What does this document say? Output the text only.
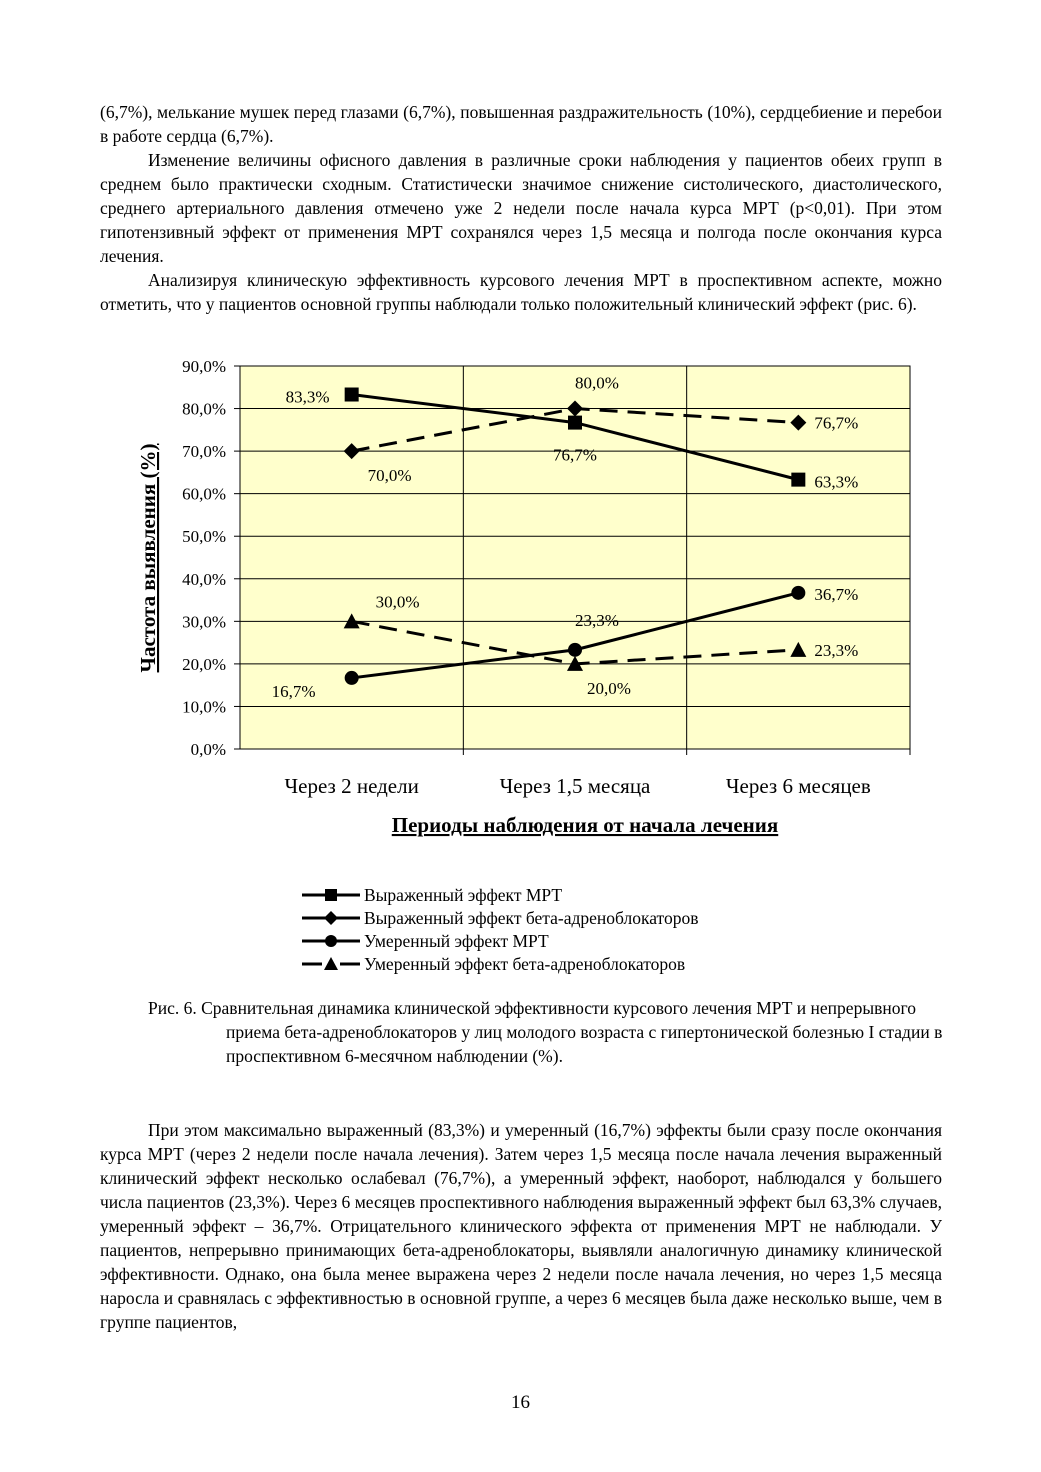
(6,7%), мелькание мушек перед глазами (6,7%), повышенная раздражительность (10%), сердцебиение и перебои в работе сердца (6,7%).

Изменение величины офисного давления в различные сроки наблюдения у пациентов обеих групп в среднем было практически сходным. Статистически значимое снижение систолического, диастолического, среднего артериального давления отмечено уже 2 недели после начала курса МРТ (p<0,01). При этом гипотензивный эффект от применения МРТ сохранялся через 1,5 месяца и полгода после окончания курса лечения.

Анализируя клиническую эффективность курсового лечения МРТ в проспективном аспекте, можно отметить, что у пациентов основной группы наблюдали только положительный клинический эффект (рис. 6).

0,0%
10,0%
20,0%
30,0%
40,0%
50,0%
60,0%
70,0%
80,0%
90,0%
Через 2 недели	Через 1,5 месяца	Через 6 месяцев
Периоды наблюдения от начала лечения
Частота выявления (%)
83,3%
76,7%
63,3%
70,0%
80,0%
76,7%
16,7%
23,3%
36,7%
30,0%
20,0%
23,3%
Выраженный эффект МРТ
Выраженный эффект бета-адреноблокаторов
Умеренный эффект МРТ
Умеренный эффект бета-адреноблокаторов

Рис. 6. Сравнительная динамика клинической эффективности курсового лечения МРТ и непрерывного приема бета-адреноблокаторов у лиц молодого возраста с гипертонической болезнью I стадии в проспективном 6-месячном наблюдении (%).

При этом максимально выраженный (83,3%) и умеренный (16,7%) эффекты были сразу после окончания курса МРТ (через 2 недели после начала лечения). Затем через 1,5 месяца после начала лечения выраженный клинический эффект несколько ослабевал (76,7%), а умеренный эффект, наоборот, наблюдался у большего числа пациентов (23,3%). Через 6 месяцев проспективного наблюдения выраженный эффект был 63,3% случаев, умеренный эффект – 36,7%. Отрицательного клинического эффекта от применения МРТ не наблюдали. У пациентов, непрерывно принимающих бета-адреноблокаторы, выявляли аналогичную динамику клинической эффективности. Однако, она была менее выражена через 2 недели после начала лечения, но через 1,5 месяца наросла и сравнялась с эффективностью в основной группе, а через 6 месяцев была даже несколько выше, чем в группе пациентов,

16
